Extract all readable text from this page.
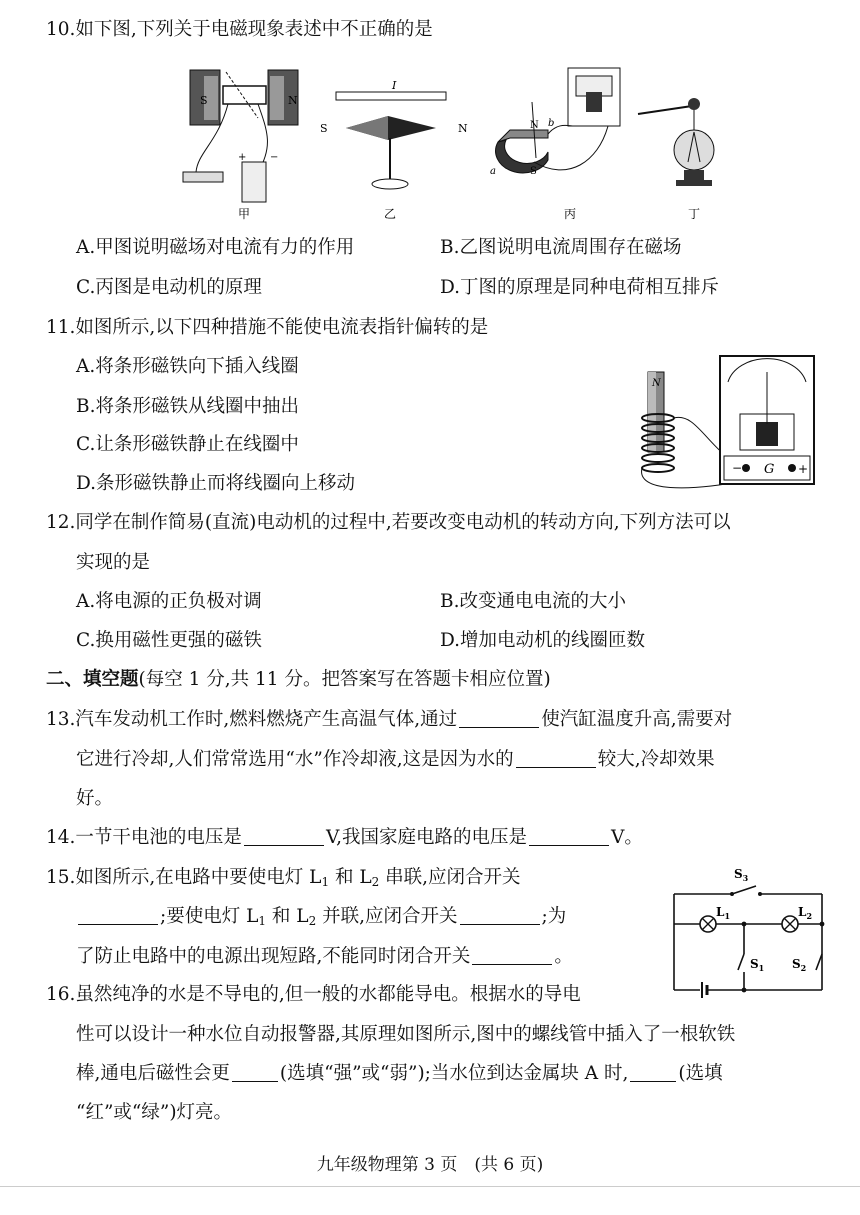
10.如下图,下列关于电磁现象表述中不正确的是
S	N
+ −
甲
I
S	N
乙
N b
S
a
丙	丁
A.甲图说明磁场对电流有力的作用	B.乙图说明电流周围存在磁场
C.丙图是电动机的原理	D.丁图的原理是同种电荷相互排斥
11.如图所示,以下四种措施不能使电流表指针偏转的是
A.将条形磁铁向下插入线圈
B.将条形磁铁从线圈中抽出
C.让条形磁铁静止在线圈中
D.条形磁铁静止而将线圈向上移动
N
− G +
12.同学在制作简易(直流)电动机的过程中,若要改变电动机的转动方向,下列方法可以
实现的是
A.将电源的正负极对调	B.改变通电电流的大小
C.换用磁性更强的磁铁	D.增加电动机的线圈匝数
二、填空题(每空 1 分,共 11 分。把答案写在答题卡相应位置)
13.汽车发动机工作时,燃料燃烧产生高温气体,通过	使汽缸温度升高,需要对
它进行冷却,人们常常选用“水”作冷却液,这是因为水的	较大,冷却效果
好。
14.一节干电池的电压是	V,我国家庭电路的电压是	V。
15.如图所示,在电路中要使电灯 $L_1$ 和 $L_2$ 串联,应闭合开关
;要使电灯 $L_1$ 和 $L_2$ 并联,应闭合开关	;为
了防止电路中的电源出现短路,不能同时闭合开关	。
$S_3$
$L_1$	$L_2$
$S_1$ $S_2$
16.虽然纯净的水是不导电的,但一般的水都能导电。根据水的导电
性可以设计一种水位自动报警器,其原理如图所示,图中的螺线管中插入了一根软铁
棒,通电后磁性会更	(选填“强”或“弱”);当水位到达金属块 A 时,	(选填
“红”或“绿”)灯亮。
九年级物理第 3 页　(共 6 页)
